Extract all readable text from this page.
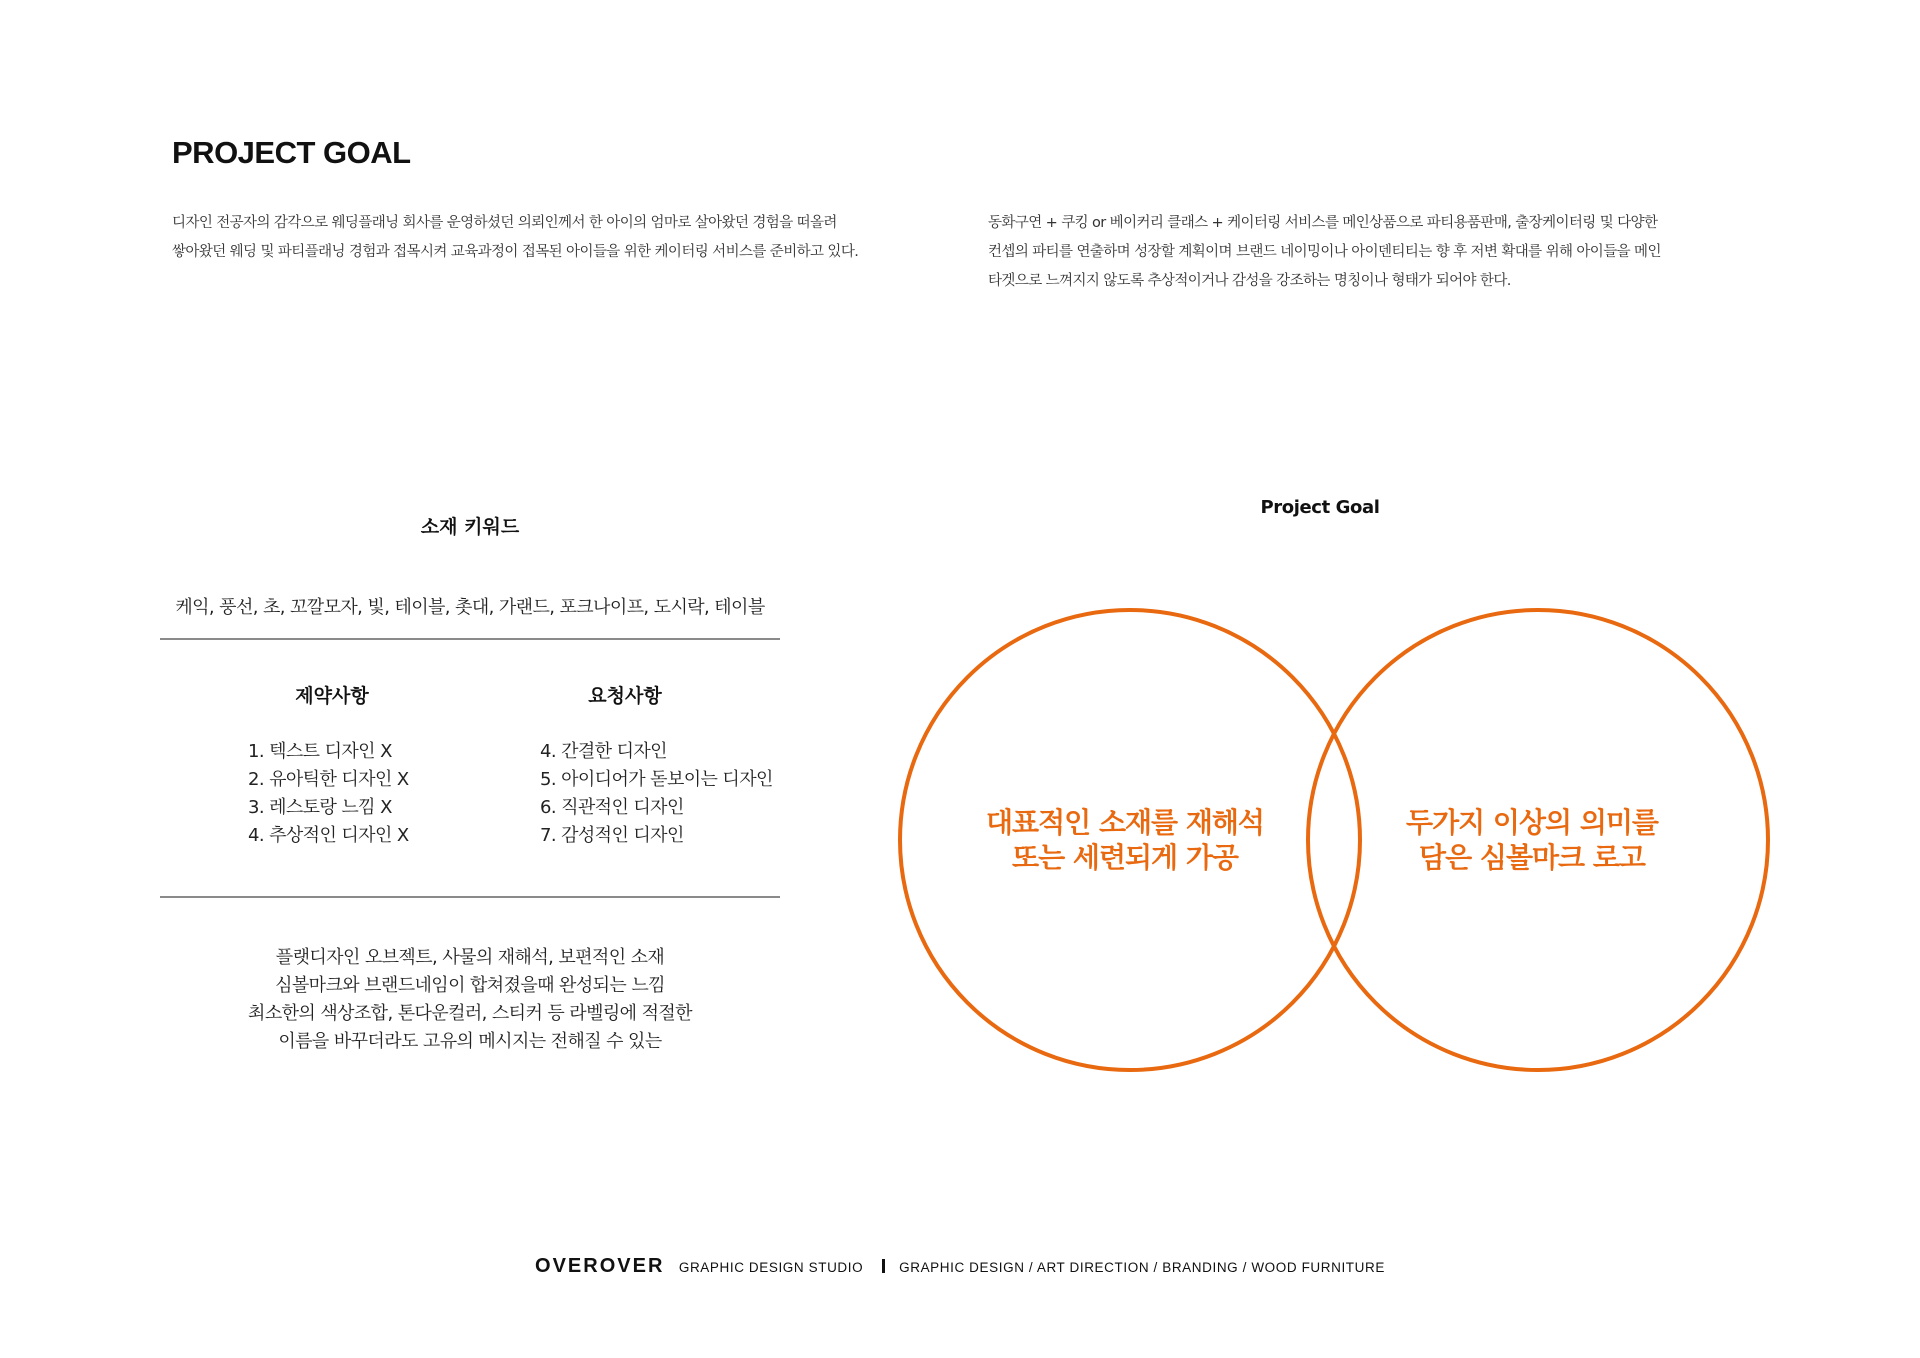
PROJECT GOAL

디자인 전공자의 감각으로 웨딩플래닝 회사를 운영하셨던 의뢰인께서 한 아이의 엄마로 살아왔던 경험을 떠올려

쌓아왔던 웨딩 및 파티플래닝 경험과 접목시켜 교육과정이 접목된 아이들을 위한 케이터링 서비스를 준비하고 있다.

동화구연 + 쿠킹 or 베이커리 클래스 + 케이터링 서비스를 메인상품으로 파티용품판매, 출장케이터링 및 다양한

컨셉의 파티를 연출하며 성장할 계획이며 브랜드 네이밍이나 아이덴티티는 향 후 저변 확대를 위해 아이들을 메인

타겟으로 느껴지지 않도록 추상적이거나 감성을 강조하는 명칭이나 형태가 되어야 한다.

소재 키워드
케익, 풍선, 초, 꼬깔모자, 빛, 테이블, 촛대, 가랜드, 포크나이프, 도시락, 테이블
제약사항	요청사항
1. 텍스트 디자인 X
2. 유아틱한 디자인 X
3. 레스토랑 느낌 X
4. 추상적인 디자인 X
4. 간결한 디자인
5. 아이디어가 돋보이는 디자인
6. 직관적인 디자인
7. 감성적인 디자인

플랫디자인 오브젝트, 사물의 재해석, 보편적인 소재

심볼마크와 브랜드네임이 합쳐졌을때 완성되는 느낌

최소한의 색상조합, 톤다운컬러, 스티커 등 라벨링에 적절한

이름을 바꾸더라도 고유의 메시지는 전해질 수 있는

Project Goal

대표적인 소재를 재해석

또는 세련되게 가공

두가지 이상의 의미를

담은 심볼마크 로고

OVEROVER GRAPHIC DESIGN STUDIO	GRAPHIC DESIGN / ART DIRECTION / BRANDING / WOOD FURNITURE
